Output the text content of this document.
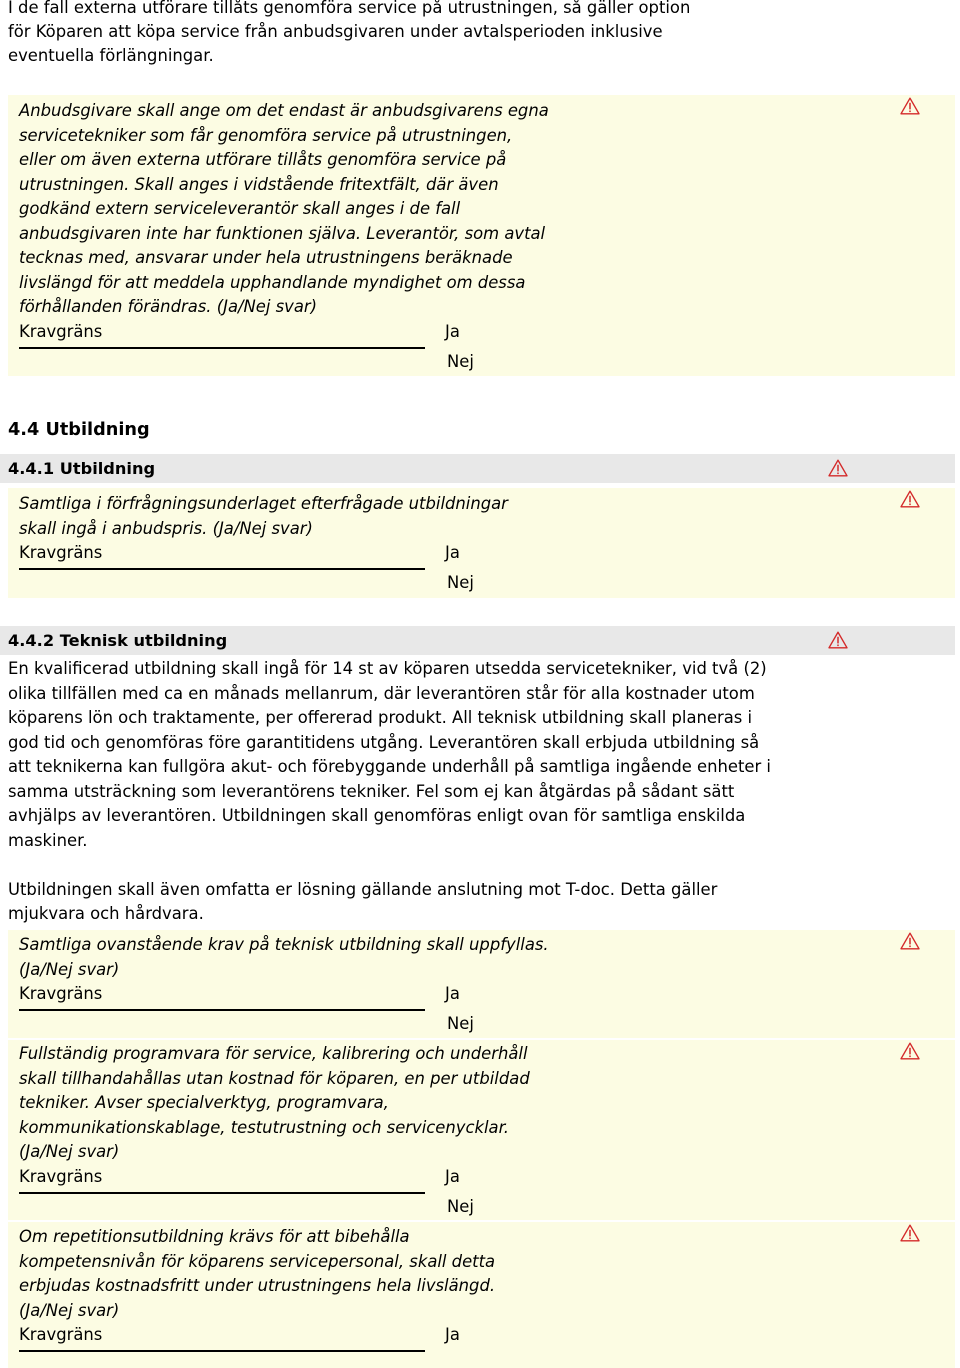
I de fall externa utförare tillåts genomföra service på utrustningen, så gäller option
för Köparen att köpa service från anbudsgivaren under avtalsperioden inklusive
eventuella förlängningar.
Anbudsgivare skall ange om det endast är anbudsgivarens egna
servicetekniker som får genomföra service på utrustningen,
eller om även externa utförare tillåts genomföra service på
utrustningen. Skall anges i vidstående fritextfält, där även
godkänd extern serviceleverantör skall anges i de fall
anbudsgivaren inte har funktionen själva. Leverantör, som avtal
tecknas med, ansvarar under hela utrustningens beräknade
livslängd för att meddela upphandlande myndighet om dessa
förhållanden förändras. (Ja/Nej svar)
Kravgräns	Ja
Nej
4.4 Utbildning
4.4.1 Utbildning
Samtliga i förfrågningsunderlaget efterfrågade utbildningar
skall ingå i anbudspris. (Ja/Nej svar)
Kravgräns	Ja
Nej
4.4.2 Teknisk utbildning

En kvalificerad utbildning skall ingå för 14 st av köparen utsedda servicetekniker, vid två (2)
olika tillfällen med ca en månads mellanrum, där leverantören står för alla kostnader utom
köparens lön och traktamente, per offererad produkt. All teknisk utbildning skall planeras i
god tid och genomföras före garantitidens utgång. Leverantören skall erbjuda utbildning så
att teknikerna kan fullgöra akut- och förebyggande underhåll på samtliga ingående enheter i
samma utsträckning som leverantörens tekniker. Fel som ej kan åtgärdas på sådant sätt
avhjälps av leverantören. Utbildningen skall genomföras enligt ovan för samtliga enskilda
maskiner.

Utbildningen skall även omfatta er lösning gällande anslutning mot T-doc. Detta gäller
mjukvara och hårdvara.

Samtliga ovanstående krav på teknisk utbildning skall uppfyllas.
(Ja/Nej svar)
Kravgräns	Ja
Nej
Fullständig programvara för service, kalibrering och underhåll
skall tillhandahållas utan kostnad för köparen, en per utbildad
tekniker. Avser specialverktyg, programvara,
kommunikationskablage, testutrustning och servicenycklar.
(Ja/Nej svar)
Kravgräns	Ja
Nej
Om repetitionsutbildning krävs för att bibehålla
kompetensnivån för köparens servicepersonal, skall detta
erbjudas kostnadsfritt under utrustningens hela livslängd.
(Ja/Nej svar)
Kravgräns	Ja
